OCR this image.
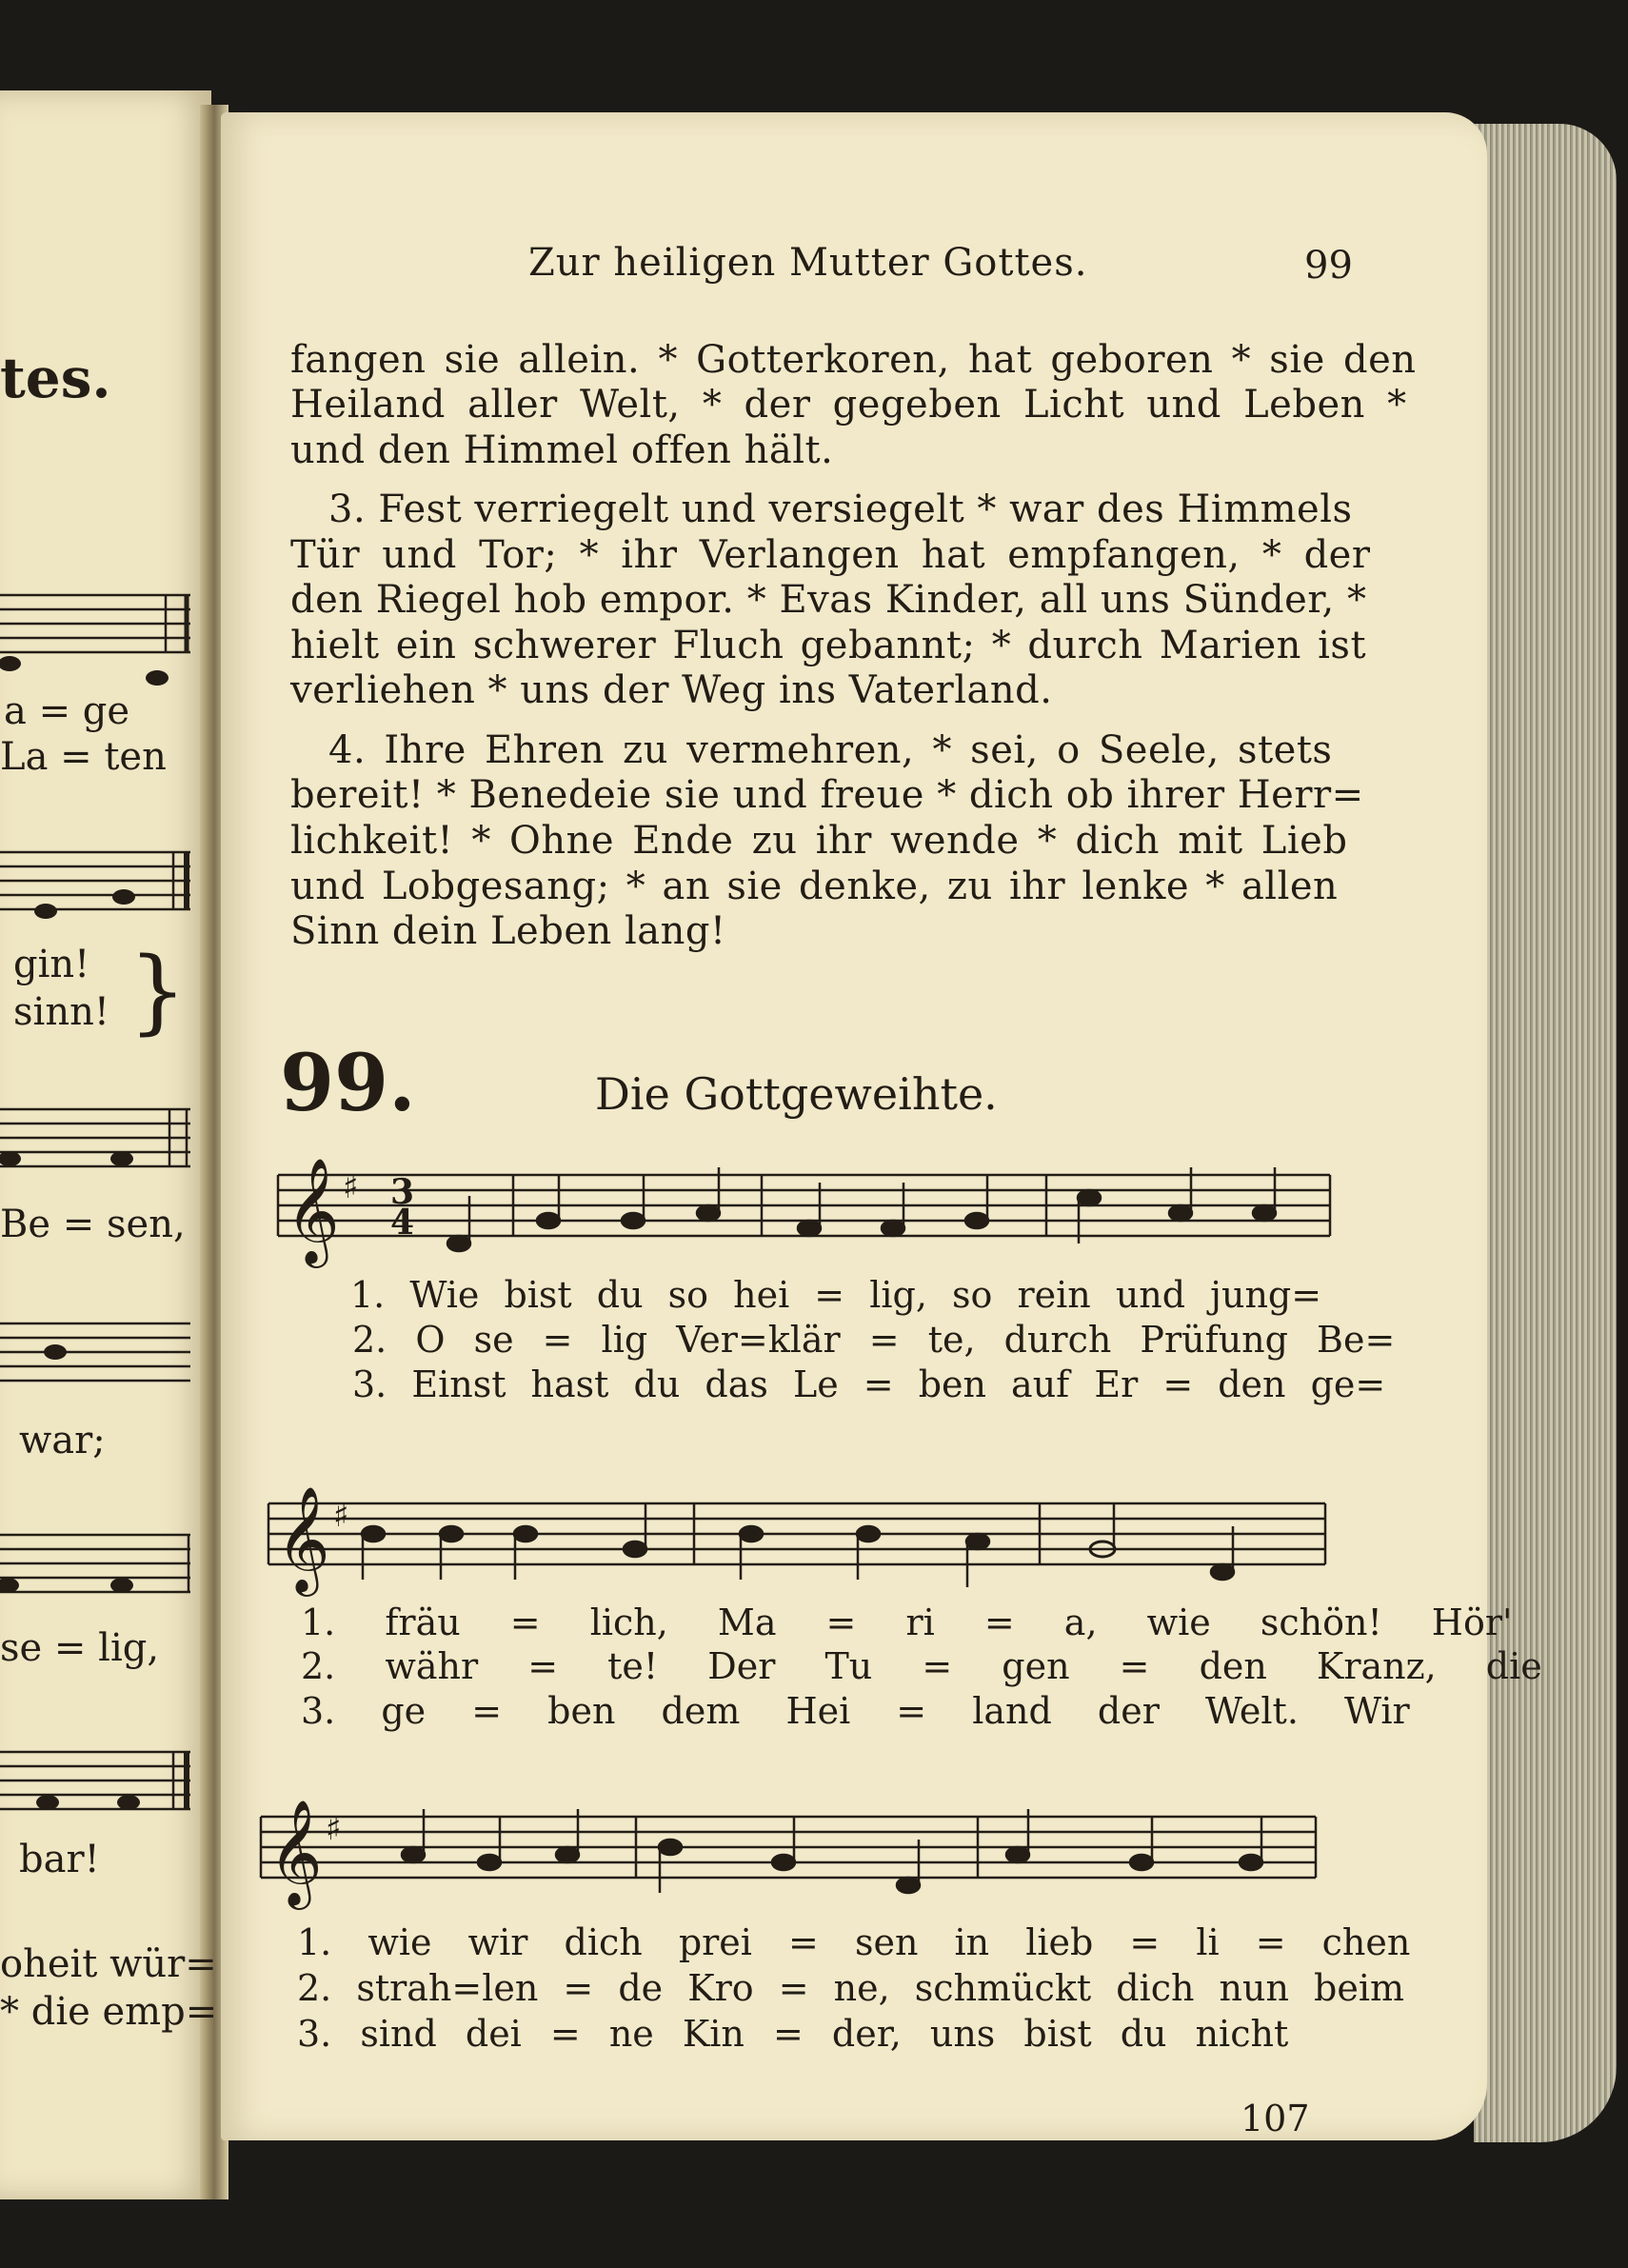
tes.
a = ge
La = ten
gin!
sinn!
Be = sen,
war;
se = lig,
bar!
oheit wür=
* die emp=
}

Zur heiligen Mutter Gottes.	99

fangen sie allein. * Gotterkoren, hat geboren * sie den

Heiland aller Welt, * der gegeben Licht und Leben *

und den Himmel offen hält.

3. Fest verriegelt und versiegelt * war des Himmels

Tür und Tor; * ihr Verlangen hat empfangen, * der

den Riegel hob empor. * Evas Kinder, all uns Sünder, *

hielt ein schwerer Fluch gebannt; * durch Marien ist

verliehen * uns der Weg ins Vaterland.

4. Ihre Ehren zu vermehren, * sei, o Seele, stets

bereit! * Benedeie sie und freue * dich ob ihrer Herr=

lichkeit! * Ohne Ende zu ihr wende * dich mit Lieb

und Lobgesang; * an sie denke, zu ihr lenke * allen

Sinn dein Leben lang!

99.	Die Gottgeweihte.

𝄞 ♯ 3
4
𝄞 ♯
𝄞 ♯

1. Wie bist du so hei = lig, so rein und jung=

2. O se = lig Ver=klär = te, durch Prüfung Be=

3. Einst hast du das Le = ben auf Er = den ge=

1. fräu = lich, Ma = ri = a, wie schön! Hör'

2. währ = te! Der Tu = gen = den Kranz, die

3. ge = ben dem Hei = land der Welt. Wir

1. wie wir dich prei = sen in lieb = li = chen

2. strah=len = de Kro = ne, schmückt dich nun beim

3. sind dei = ne Kin = der, uns bist du nicht

107
